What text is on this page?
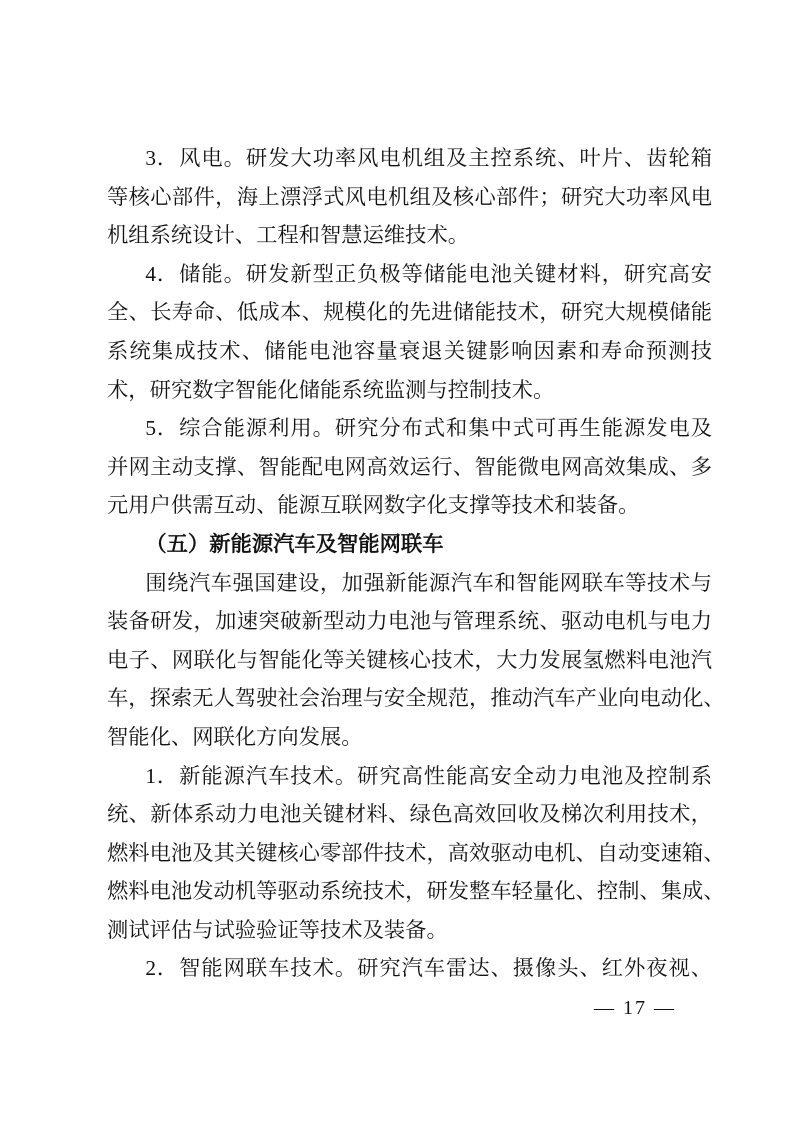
3．风电。研发大功率风电机组及主控系统、叶片、齿轮箱
等核心部件，海上漂浮式风电机组及核心部件；研究大功率风电
机组系统设计、工程和智慧运维技术。
4．储能。研发新型正负极等储能电池关键材料，研究高安
全、长寿命、低成本、规模化的先进储能技术，研究大规模储能
系统集成技术、储能电池容量衰退关键影响因素和寿命预测技
术，研究数字智能化储能系统监测与控制技术。
5．综合能源利用。研究分布式和集中式可再生能源发电及
并网主动支撑、智能配电网高效运行、智能微电网高效集成、多
元用户供需互动、能源互联网数字化支撑等技术和装备。
（五）新能源汽车及智能网联车
围绕汽车强国建设，加强新能源汽车和智能网联车等技术与
装备研发，加速突破新型动力电池与管理系统、驱动电机与电力
电子、网联化与智能化等关键核心技术，大力发展氢燃料电池汽
车，探索无人驾驶社会治理与安全规范，推动汽车产业向电动化、
智能化、网联化方向发展。
1．新能源汽车技术。研究高性能高安全动力电池及控制系
统、新体系动力电池关键材料、绿色高效回收及梯次利用技术，
燃料电池及其关键核心零部件技术，高效驱动电机、自动变速箱、
燃料电池发动机等驱动系统技术，研发整车轻量化、控制、集成、
测试评估与试验验证等技术及装备。
2．智能网联车技术。研究汽车雷达、摄像头、红外夜视、
— 17 —
